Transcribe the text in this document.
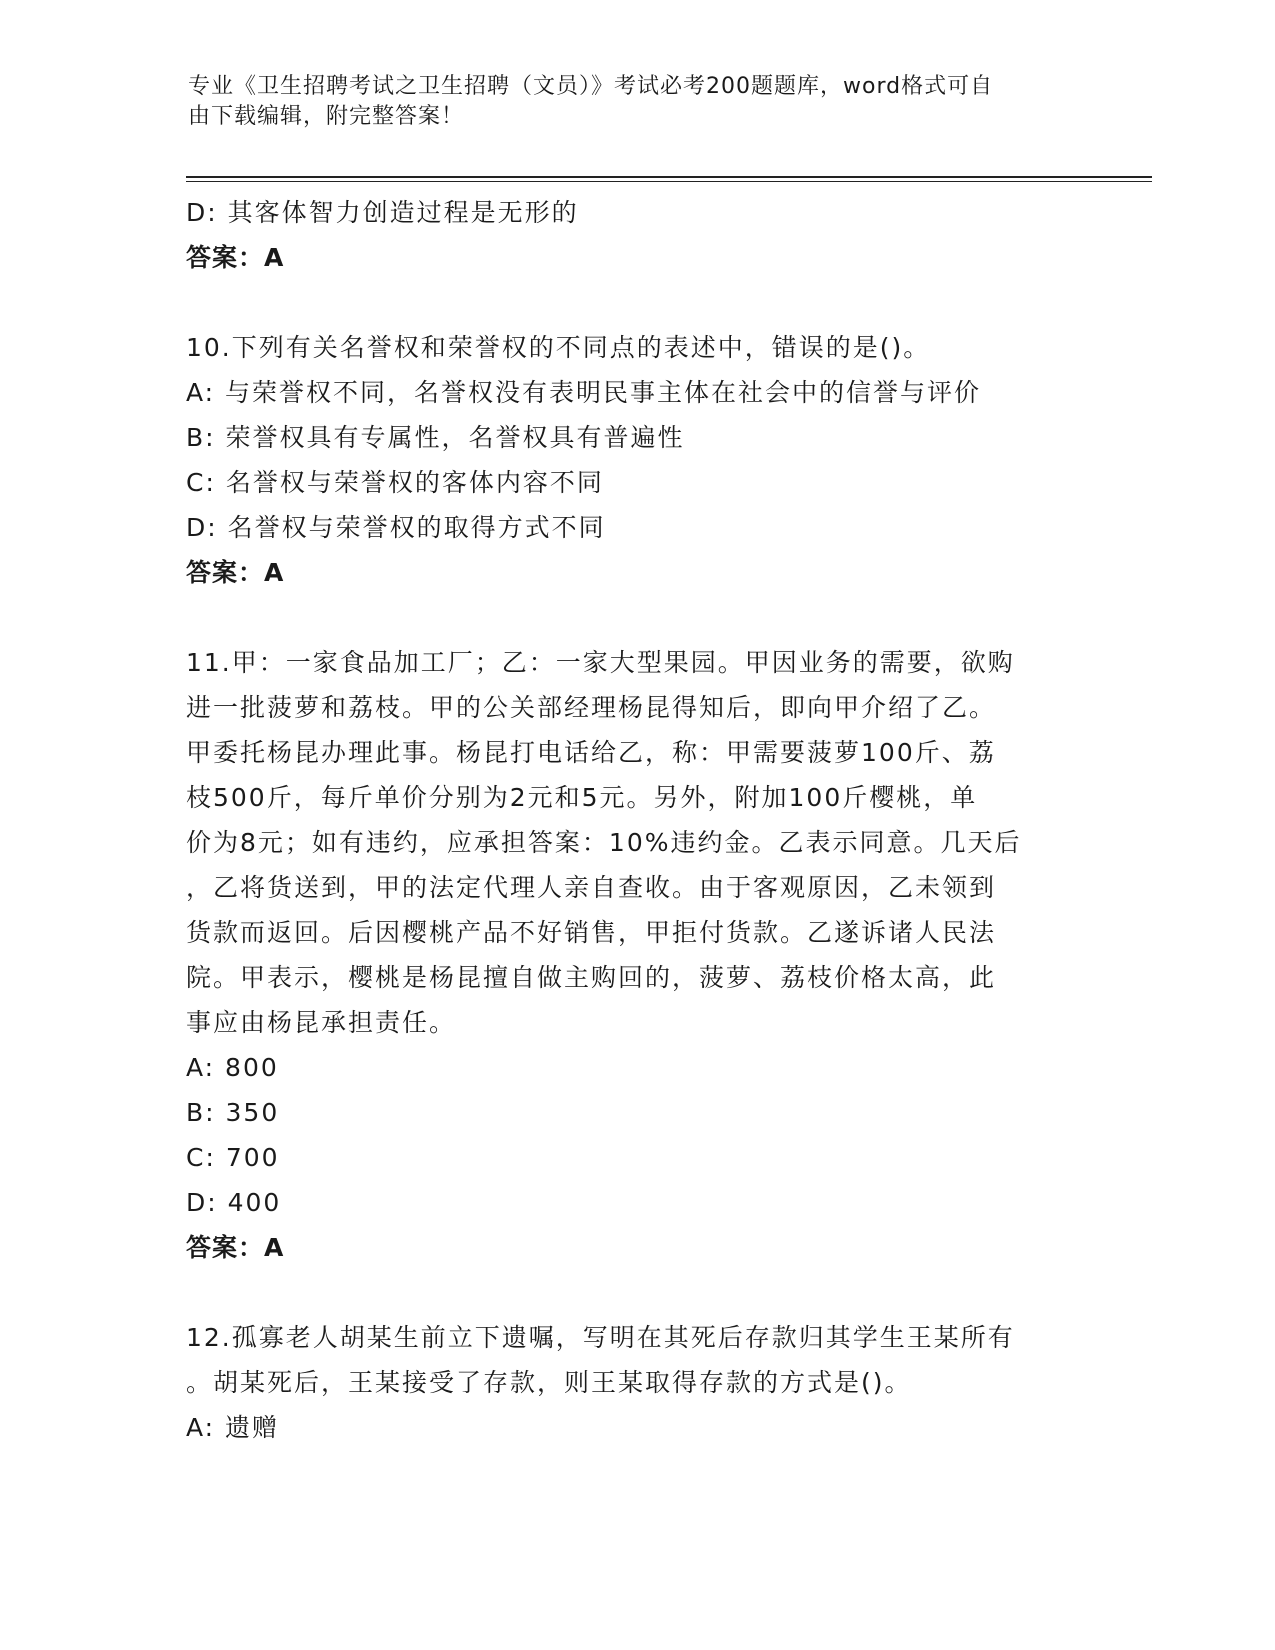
专业《卫生招聘考试之卫生招聘（文员）》考试必考200题题库，word格式可自
由下载编辑，附完整答案！
D: 其客体智力创造过程是无形的
答案：A
10.下列有关名誉权和荣誉权的不同点的表述中，错误的是()。
A: 与荣誉权不同，名誉权没有表明民事主体在社会中的信誉与评价
B: 荣誉权具有专属性，名誉权具有普遍性
C: 名誉权与荣誉权的客体内容不同
D: 名誉权与荣誉权的取得方式不同
答案：A
11.甲：一家食品加工厂；乙：一家大型果园。甲因业务的需要，欲购
进一批菠萝和荔枝。甲的公关部经理杨昆得知后，即向甲介绍了乙。
甲委托杨昆办理此事。杨昆打电话给乙，称：甲需要菠萝100斤、荔
枝500斤，每斤单价分别为2元和5元。另外，附加100斤樱桃，单
价为8元；如有违约，应承担答案：10%违约金。乙表示同意。几天后
，乙将货送到，甲的法定代理人亲自查收。由于客观原因，乙未领到
货款而返回。后因樱桃产品不好销售，甲拒付货款。乙遂诉诸人民法
院。甲表示，樱桃是杨昆擅自做主购回的，菠萝、荔枝价格太高，此
事应由杨昆承担责任。
A: 800
B: 350
C: 700
D: 400
答案：A
12.孤寡老人胡某生前立下遗嘱，写明在其死后存款归其学生王某所有
。胡某死后，王某接受了存款，则王某取得存款的方式是()。
A: 遗赠
